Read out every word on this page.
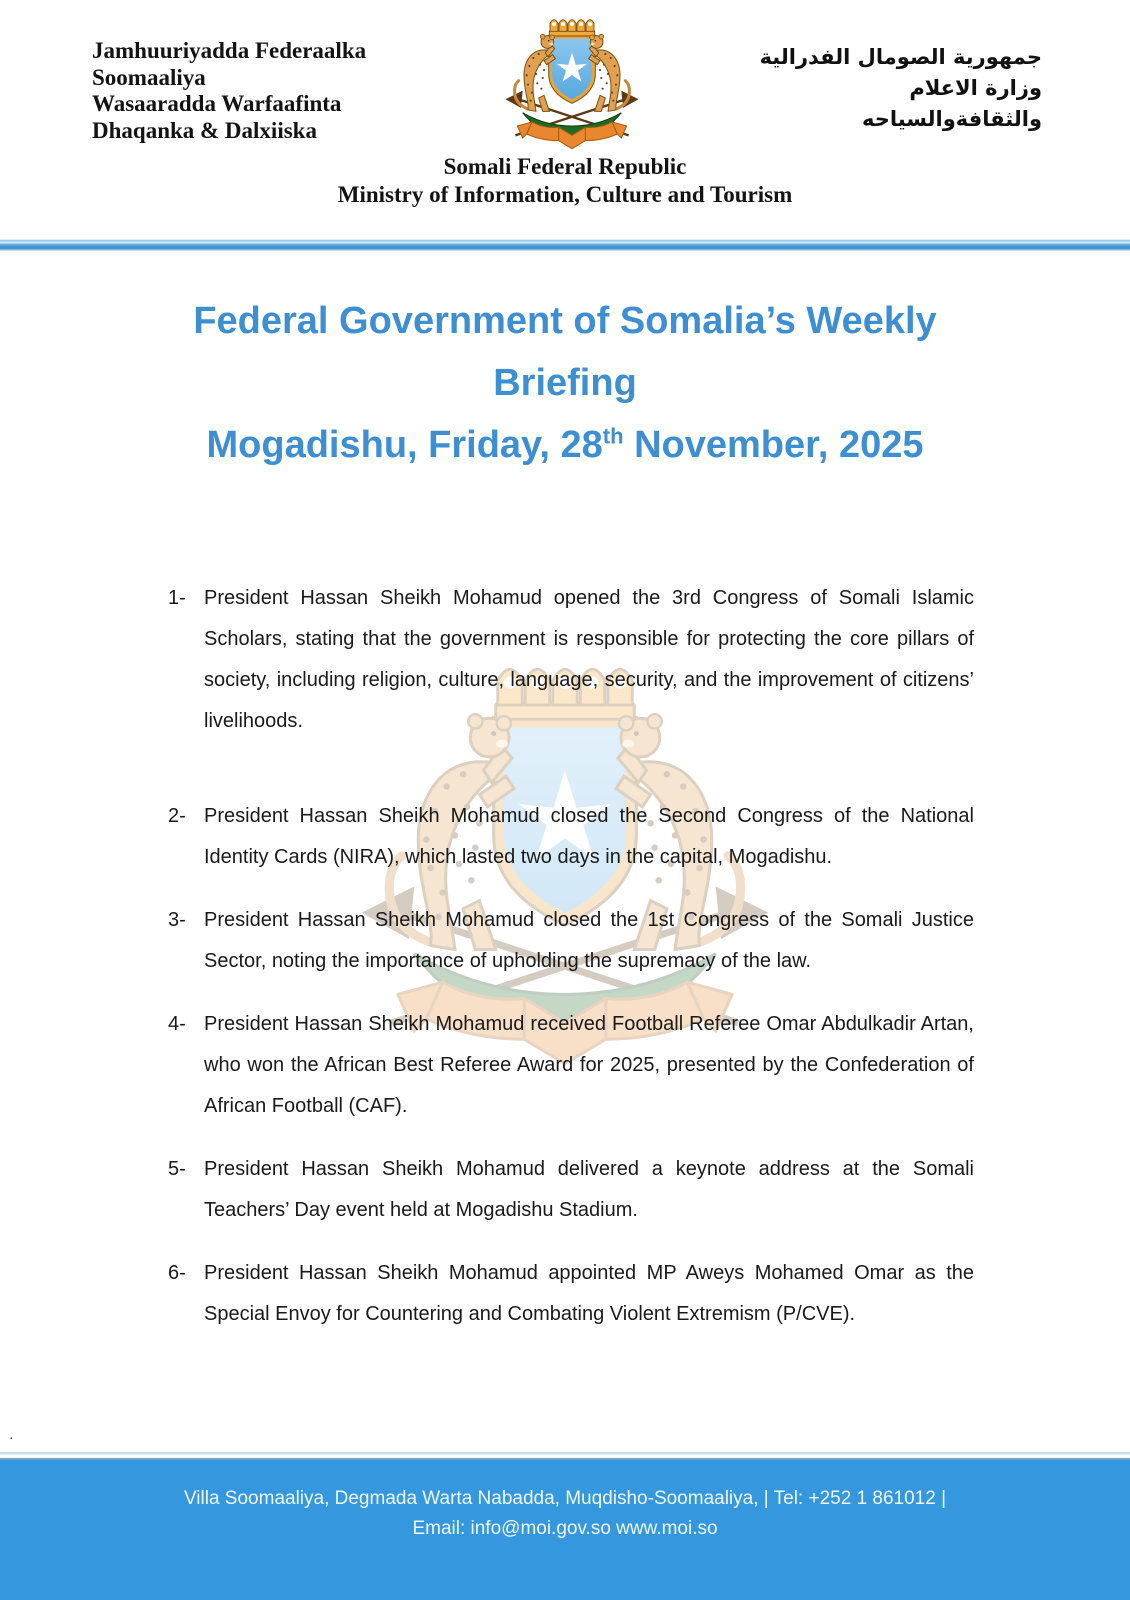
Jamhuuriyadda Federaalka
Soomaaliya
Wasaaradda Warfaafinta
Dhaqanka & Dalxiiska
جمهورية الصومال الفدرالية
وزارة الاعلام
والثقافةوالسياحه
Somali Federal Republic
Ministry of Information, Culture and Tourism
Federal Government of Somalia’s Weekly
Briefing
Mogadishu, Friday, 28th November, 2025
1- President Hassan Sheikh Mohamud opened the 3rd Congress of Somali Islamic Scholars, stating that the government is responsible for protecting the core pillars of society, including religion, culture, language, security, and the improvement of citizens’ livelihoods.
2- President Hassan Sheikh Mohamud closed the Second Congress of the National Identity Cards (NIRA), which lasted two days in the capital, Mogadishu.
3- President Hassan Sheikh Mohamud closed the 1st Congress of the Somali Justice Sector, noting the importance of upholding the supremacy of the law.
4- President Hassan Sheikh Mohamud received Football Referee Omar Abdulkadir Artan, who won the African Best Referee Award for 2025, presented by the Confederation of African Football (CAF).
5- President Hassan Sheikh Mohamud delivered a keynote address at the Somali Teachers’ Day event held at Mogadishu Stadium.
6- President Hassan Sheikh Mohamud appointed MP Aweys Mohamed Omar as the Special Envoy for Countering and Combating Violent Extremism (P/CVE).
.
Villa Soomaaliya, Degmada Warta Nabadda, Muqdisho-Soomaaliya, | Tel: +252 1 861012 |
Email: info@moi.gov.so www.moi.so
